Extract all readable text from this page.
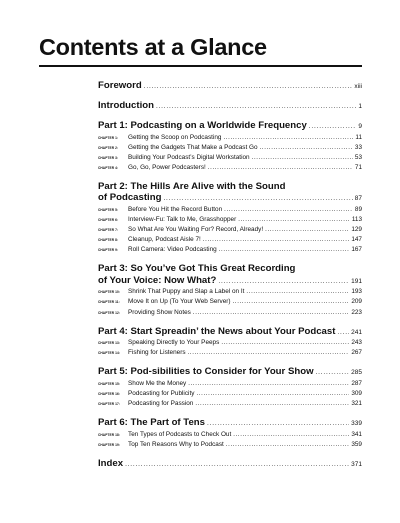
Contents at a Glance
Foreword . . .	xiii
Introduction . . .	1
Part 1: Podcasting on a Worldwide Frequency . . .	9
CHAPTER 1:	Getting the Scoop on Podcasting . . .	11
CHAPTER 2:	Getting the Gadgets That Make a Podcast Go . . .	33
CHAPTER 3:	Building Your Podcast’s Digital Workstation . . .	53
CHAPTER 4:	Go, Go, Power Podcasters! . . .	71
Part 2: The Hills Are Alive with the Sound
of Podcasting . . .	87
CHAPTER 5:	Before You Hit the Record Button . . .	89
CHAPTER 6:	Interview-Fu: Talk to Me, Grasshopper . . .	113
CHAPTER 7:	So What Are You Waiting For? Record, Already! . . .	129
CHAPTER 8:	Cleanup, Podcast Aisle 7! . . .	147
CHAPTER 9:	Roll Camera: Video Podcasting . . .	167
Part 3: So You’ve Got This Great Recording
of Your Voice: Now What? . . .	191
CHAPTER 10:	Shrink That Puppy and Slap a Label on It . . .	193
CHAPTER 11:	Move It on Up (To Your Web Server) . . .	209
CHAPTER 12:	Providing Show Notes . . .	223
Part 4: Start Spreadin’ the News about Your Podcast . . . 241
CHAPTER 13:	Speaking Directly to Your Peeps . . .	243
CHAPTER 14:	Fishing for Listeners . . .	267
Part 5: Pod-sibilities to Consider for Your Show . . .	285
CHAPTER 15:	Show Me the Money . . .	287
CHAPTER 16:	Podcasting for Publicity . . .	309
CHAPTER 17:	Podcasting for Passion . . .	321
Part 6: The Part of Tens . . .	339
CHAPTER 18:	Ten Types of Podcasts to Check Out . . .	341
CHAPTER 19:	Top Ten Reasons Why to Podcast . . .	359
Index . . .	371
